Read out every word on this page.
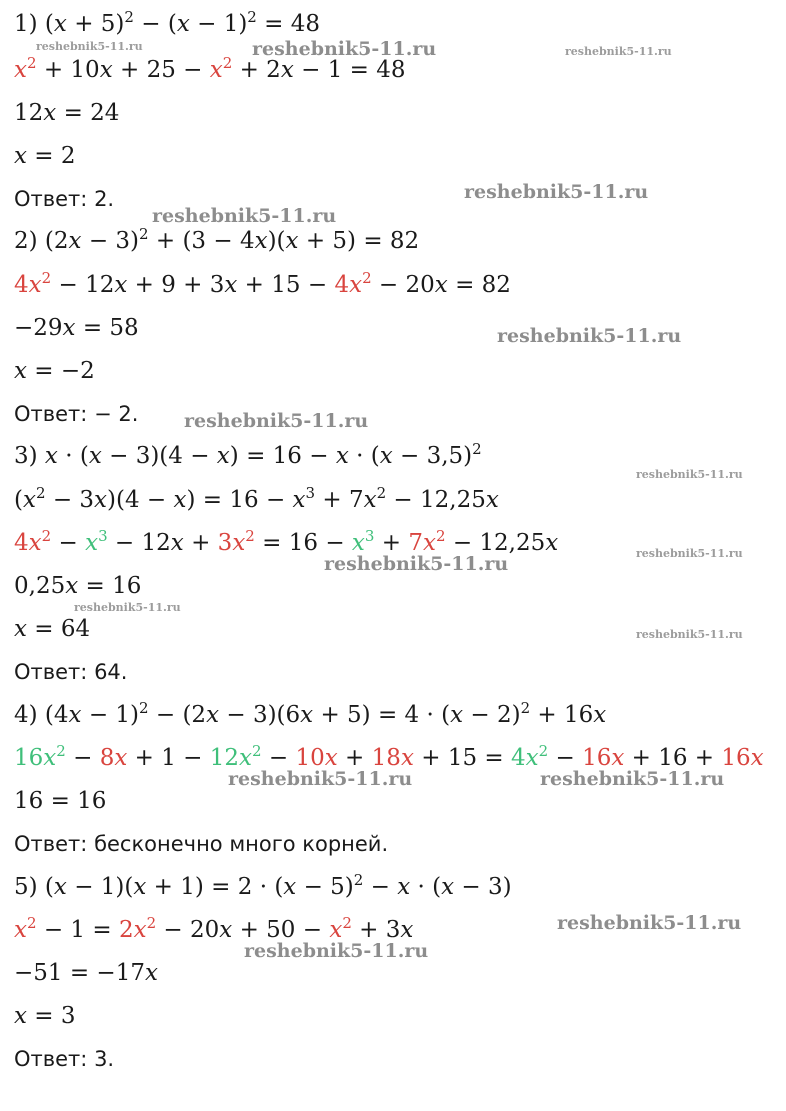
1) $(x + 5)^2 - (x - 1)^2 = 48$
$x^2 + 10x + 25 - x^2 + 2x - 1 = 48$
12x = 24
x = 2
Ответ: 2.
2) $(2x - 3)^2 + (3 - 4x)(x + 5) = 82$
$4x^2 - 12x + 9 + 3x + 15 - 4x^2 - 20x = 82$
−29x = 58
x = −2
Ответ: − 2.
3) $x \cdot (x - 3)(4 - x) = 16 - x \cdot (x - 3,5)^2$
$(x^2 - 3x)(4 - x) = 16 - x^3 + 7x^2 - 12,25x$
$4x^2 - x^3 - 12x + 3x^2 = 16 - x^3 + 7x^2 - 12,25x$
0,25x = 16
x = 64
Ответ: 64.
4) $(4x - 1)^2 - (2x - 3)(6x + 5) = 4 \cdot (x - 2)^2 + 16x$
$16x^2 - 8x + 1 - 12x^2 - 10x + 18x + 15 = 4x^2 - 16x + 16 + 16x$
16 = 16
Ответ: бесконечно много корней.
5) $(x - 1)(x + 1) = 2 \cdot (x - 5)^2 - x \cdot (x - 3)$
$x^2 - 1 = 2x^2 - 20x + 50 - x^2 + 3x$
−51 = −17x
x = 3
Ответ: 3.
reshebnik5-11.ru	reshebnik5-11.ru	reshebnik5-11.ru
reshebnik5-11.ru
reshebnik5-11.ru
reshebnik5-11.ru
reshebnik5-11.ru
reshebnik5-11.ru
reshebnik5-11.ru
reshebnik5-11.ru
reshebnik5-11.ru
reshebnik5-11.ru
reshebnik5-11.ru	reshebnik5-11.ru
reshebnik5-11.ru
reshebnik5-11.ru
